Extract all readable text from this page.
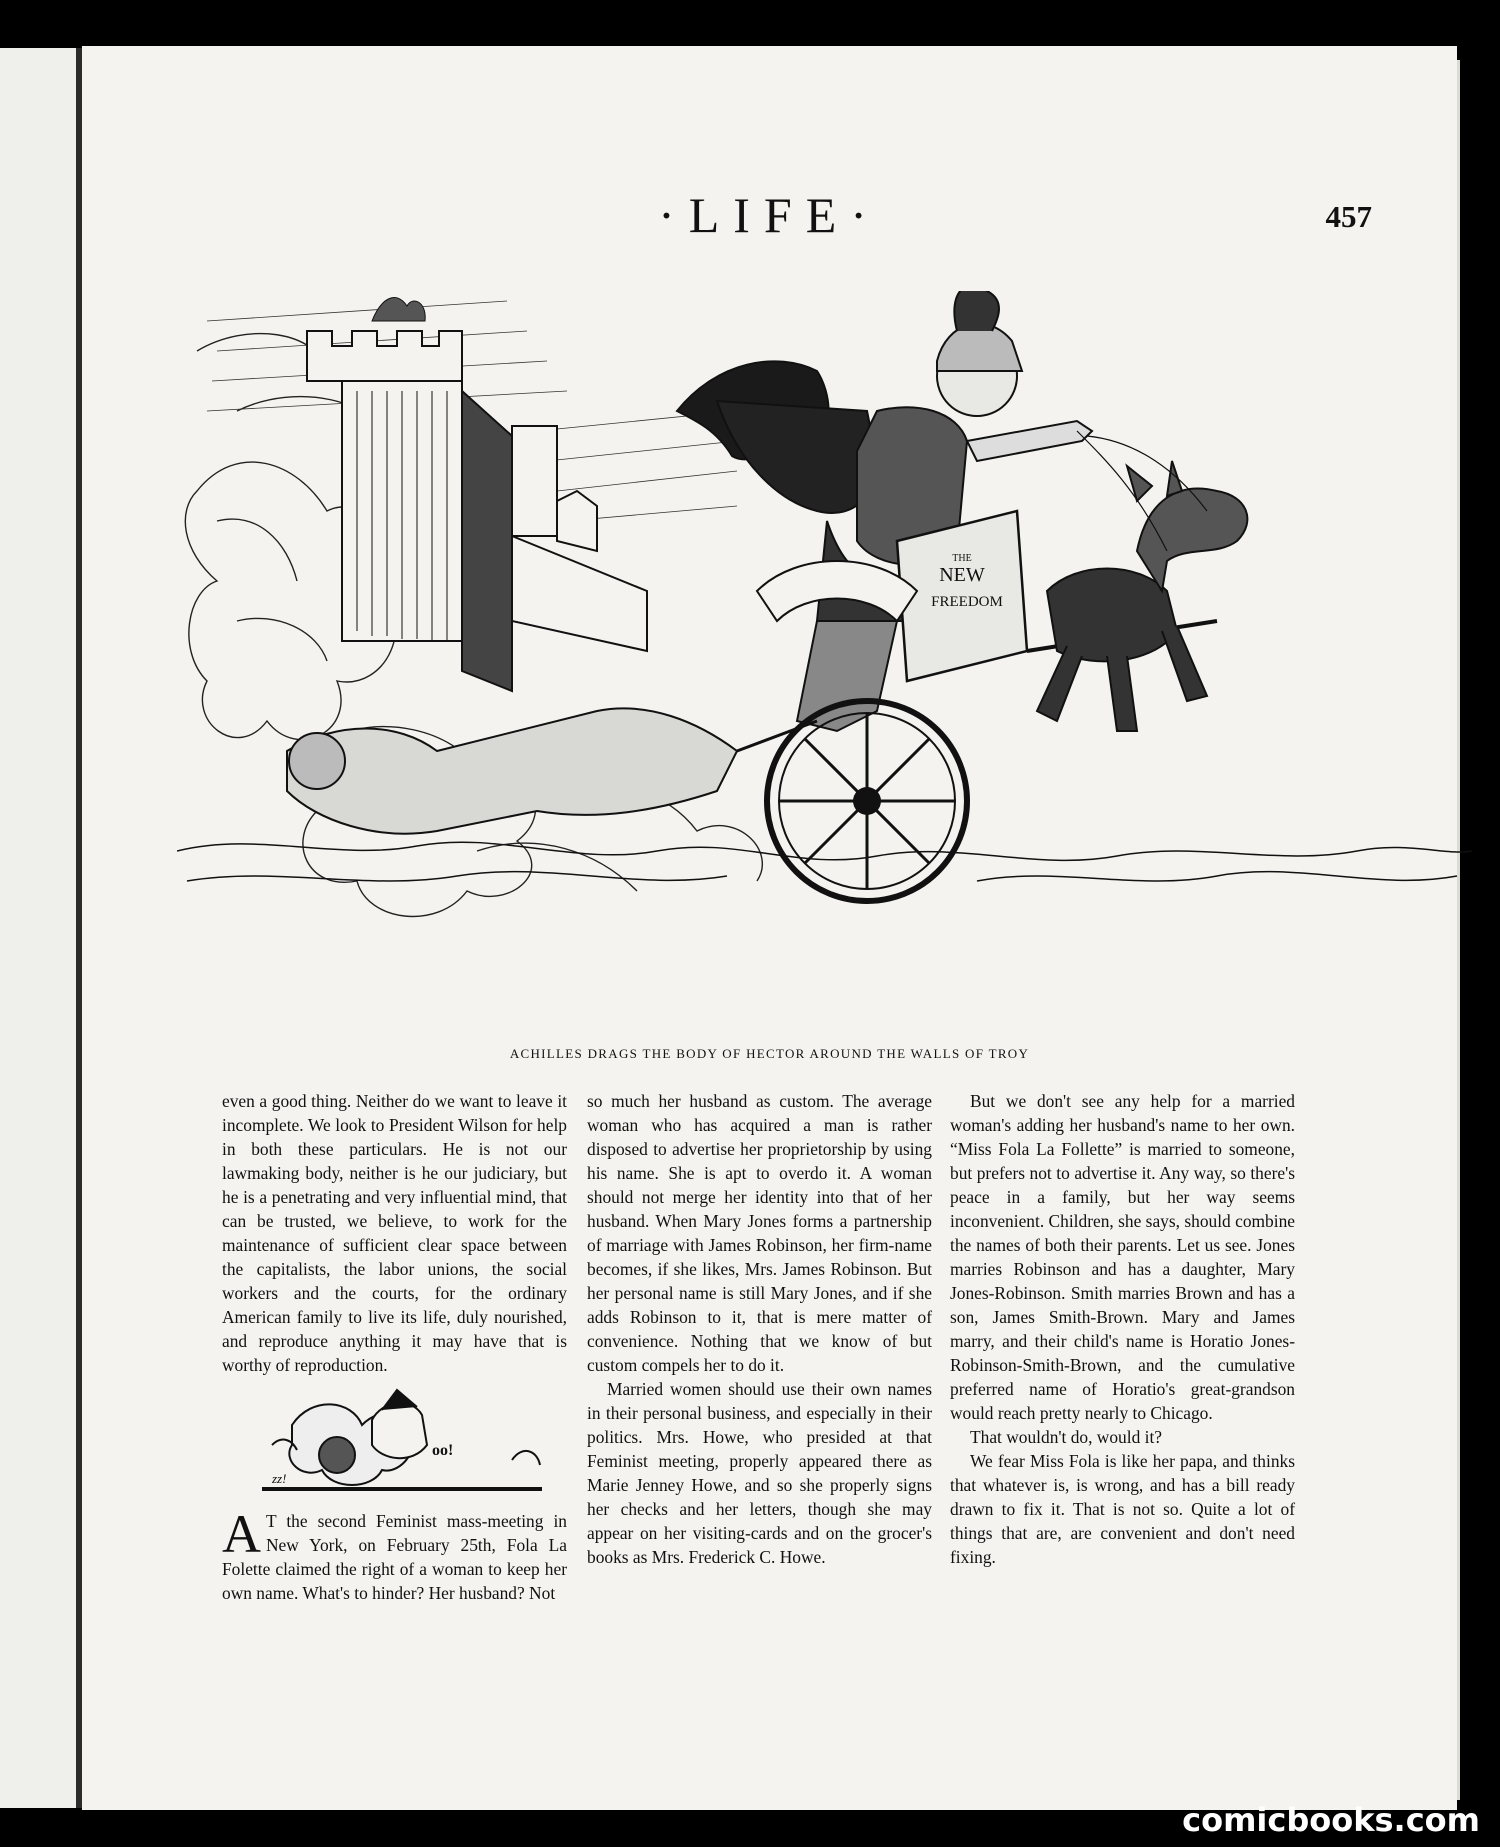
·LIFE·	457
THE
NEW
FREEDOM
ACHILLES DRAGS THE BODY OF HECTOR AROUND THE WALLS OF TROY

even a good thing. Neither do we want to leave it incomplete. We look to President Wilson for help in both these particulars. He is not our lawmaking body, neither is he our judiciary, but he is a penetrating and very influential mind, that can be trusted, we believe, to work for the maintenance of sufficient clear space between the capitalists, the labor unions, the social workers and the courts, for the ordinary American family to live its life, duly nourished, and reproduce anything it may have that is worthy of reproduction.

zz!
oo!

A T the second Feminist mass-meeting in New York, on February 25th, Fola La Folette claimed the right of a woman to keep her own name. What's to hinder? Her husband? Not

so much her husband as custom. The average woman who has acquired a man is rather disposed to advertise her proprietorship by using his name. She is apt to overdo it. A woman should not merge her identity into that of her husband. When Mary Jones forms a partnership of marriage with James Robinson, her firm-name becomes, if she likes, Mrs. James Robinson. But her personal name is still Mary Jones, and if she adds Robinson to it, that is mere matter of convenience. Nothing that we know of but custom compels her to do it.

Married women should use their own names in their personal business, and especially in their politics. Mrs. Howe, who presided at that Feminist meeting, properly appeared there as Marie Jenney Howe, and so she properly signs her checks and her letters, though she may appear on her visiting-cards and on the grocer's books as Mrs. Frederick C. Howe.

But we don't see any help for a married woman's adding her husband's name to her own. “Miss Fola La Follette” is married to someone, but prefers not to advertise it. Any way, so there's peace in a family, but her way seems inconvenient. Children, she says, should combine the names of both their parents. Let us see. Jones marries Robinson and has a daughter, Mary Jones-Robinson. Smith marries Brown and has a son, James Smith-Brown. Mary and James marry, and their child's name is Horatio Jones-Robinson-Smith-Brown, and the cumulative preferred name of Horatio's great-grandson would reach pretty nearly to Chicago.

That wouldn't do, would it?

We fear Miss Fola is like her papa, and thinks that whatever is, is wrong, and has a bill ready drawn to fix it. That is not so. Quite a lot of things that are, are convenient and don't need fixing.

comicbooks.com
